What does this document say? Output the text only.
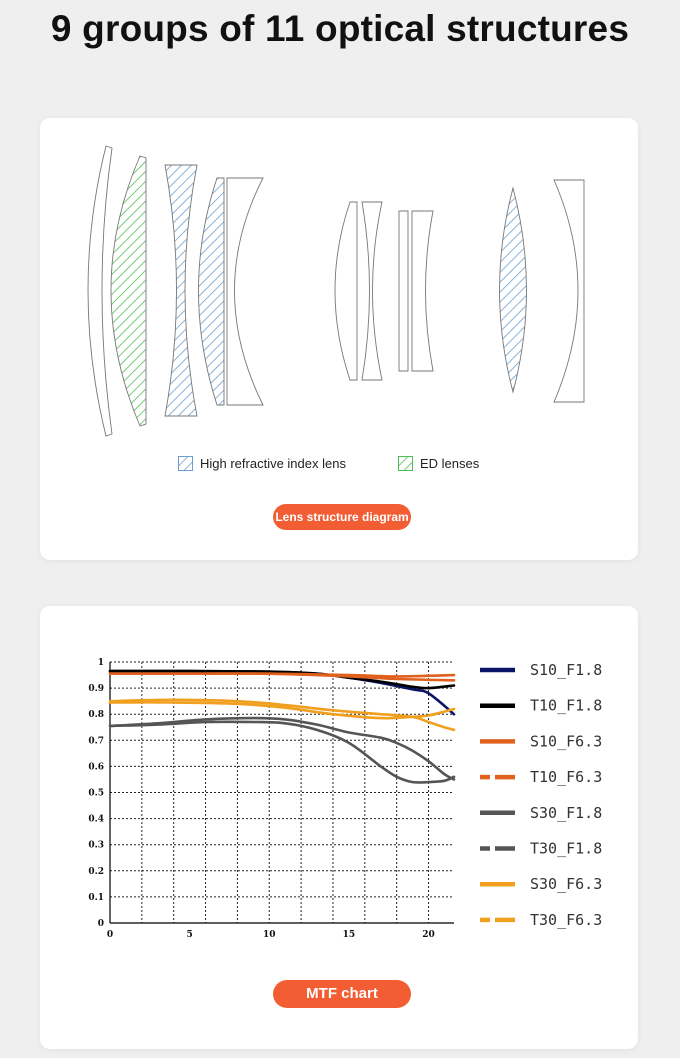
9 groups of 11 optical structures
High refractive index lens	ED lenses
Lens structure diagram
0
0.1
0.2
0.3
0.4
0.5
0.6
0.7
0.8
0.9
1
0	5	10	15	20
S10_F1.8
T10_F1.8
S10_F6.3
T10_F6.3
S30_F1.8
T30_F1.8
S30_F6.3
T30_F6.3
MTF chart
